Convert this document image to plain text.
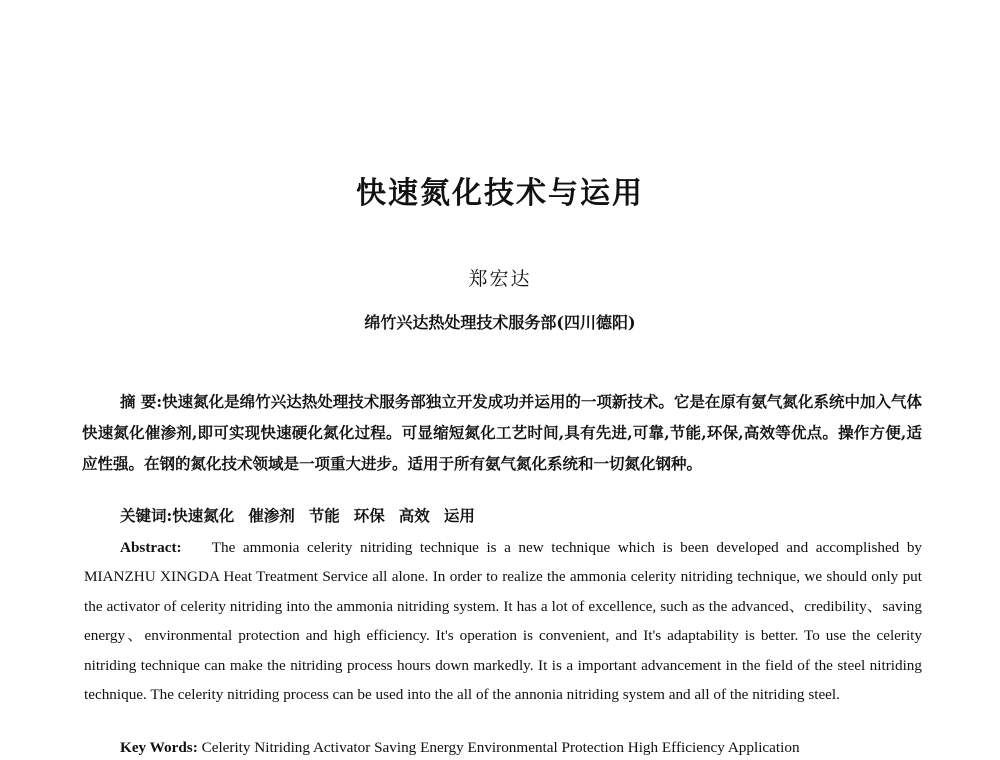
快速氮化技术与运用
郑宏达
绵竹兴达热处理技术服务部(四川德阳)

摘 要:快速氮化是绵竹兴达热处理技术服务部独立开发成功并运用的一项新技术。它是在原有氨气氮化系统中加入气体快速氮化催渗剂,即可实现快速硬化氮化过程。可显缩短氮化工艺时间,具有先进,可靠,节能,环保,高效等优点。操作方便,适应性强。在钢的氮化技术领域是一项重大进步。适用于所有氨气氮化系统和一切氮化钢种。

关键词:快速氮化 催渗剂 节能 环保 高效 运用

Abstract: The ammonia celerity nitriding technique is a new technique which is been developed and accomplished by MIANZHU XINGDA Heat Treatment Service all alone. In order to realize the ammonia celerity nitriding technique, we should only put the activator of celerity nitriding into the ammonia nitriding system. It has a lot of excellence, such as the advanced、credibility、saving energy、environmental protection and high efficiency. It's operation is convenient, and It's adaptability is better. To use the celerity nitriding technique can make the nitriding process hours down markedly. It is a important advancement in the field of the steel nitriding technique. The celerity nitriding process can be used into the all of the annonia nitriding system and all of the nitriding steel.

Key Words: Celerity Nitriding Activator Saving Energy Environmental Protection High Efficiency Application
